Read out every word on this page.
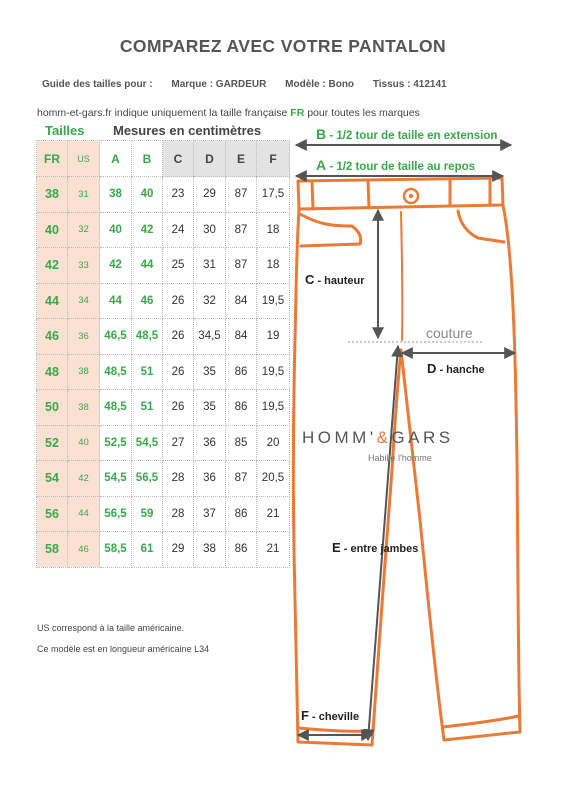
COMPAREZ AVEC VOTRE PANTALON
Guide des tailles pour : Marque : GARDEUR Modèle : Bono Tissus : 412141
homm-et-gars.fr indique uniquement la taille française FR pour toutes les marques
Tailles Mesures en centimètres
FR	US	A	B	C	D	E	F
38	31	38	40	23	29	87	17,5
40	32	40	42	24	30	87	18
42	33	42	44	25	31	87	18
44	34	44	46	26	32	84	19,5
46	36	46,5	48,5	26	34,5	84	19
48	38	48,5	51	26	35	86	19,5
50	38	48,5	51	26	35	86	19,5
52	40	52,5	54,5	27	36	85	20
54	42	54,5	56,5	28	36	87	20,5
56	44	56,5	59	28	37	86	21
58	46	58,5	61	29	38	86	21
US correspond à la taille américaine.
Ce modèle est en longueur américaine L34
B - 1/2 tour de taille en extension
A - 1/2 tour de taille au repos
C - hauteur
D - hanche
E - entre jambes
F - cheville
couture
HOMM'&GARS
Habille l'homme
